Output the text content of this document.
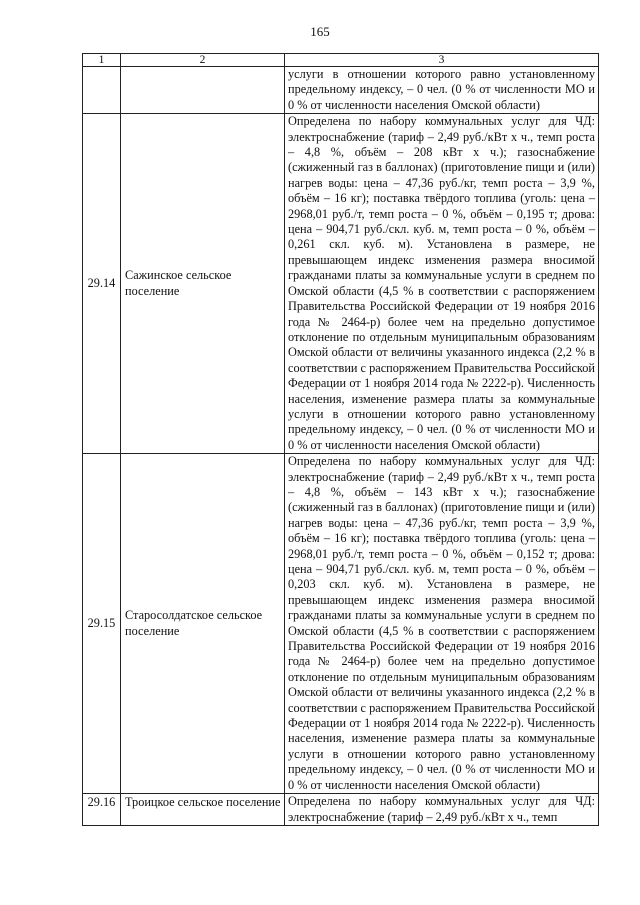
165
1	2	3
		услуги в отношении которого равно установленному предельному индексу, – 0 чел. (0 % от численности МО и 0 % от численности населения Омской области)
29.14	Сажинское сельское поселение	Определена по набору коммунальных услуг для ЧД: электроснабжение (тариф – 2,49 руб./кВт х ч., темп роста – 4,8 %, объём – 208 кВт х ч.); газоснабжение (сжиженный газ в баллонах) (приготовление пищи и (или) нагрев воды: цена – 47,36 руб./кг, темп роста – 3,9 %, объём – 16 кг); поставка твёрдого топлива (уголь: цена – 2968,01 руб./т, темп роста – 0 %, объём – 0,195 т; дрова: цена – 904,71 руб./скл. куб. м, темп роста – 0 %, объём – 0,261 скл. куб. м). Установлена в размере, не превышающем индекс изменения размера вносимой гражданами платы за коммунальные услуги в среднем по Омской области (4,5 % в соответствии с распоряжением Правительства Российской Федерации от 19 ноября 2016 года № 2464-р) более чем на предельно допустимое отклонение по отдельным муниципальным образованиям Омской области от величины указанного индекса (2,2 % в соответствии с распоряжением Правительства Российской Федерации от 1 ноября 2014 года № 2222-р). Численность населения, изменение размера платы за коммунальные услуги в отношении которого равно установленному предельному индексу, – 0 чел. (0 % от численности МО и 0 % от численности населения Омской области)
29.15	Старосолдатское сельское поселение	Определена по набору коммунальных услуг для ЧД: электроснабжение (тариф – 2,49 руб./кВт х ч., темп роста – 4,8 %, объём – 143 кВт х ч.); газоснабжение (сжиженный газ в баллонах) (приготовление пищи и (или) нагрев воды: цена – 47,36 руб./кг, темп роста – 3,9 %, объём – 16 кг); поставка твёрдого топлива (уголь: цена – 2968,01 руб./т, темп роста – 0 %, объём – 0,152 т; дрова: цена – 904,71 руб./скл. куб. м, темп роста – 0 %, объём – 0,203 скл. куб. м). Установлена в размере, не превышающем индекс изменения размера вносимой гражданами платы за коммунальные услуги в среднем по Омской области (4,5 % в соответствии с распоряжением Правительства Российской Федерации от 19 ноября 2016 года № 2464-р) более чем на предельно допустимое отклонение по отдельным муниципальным образованиям Омской области от величины указанного индекса (2,2 % в соответствии с распоряжением Правительства Российской Федерации от 1 ноября 2014 года № 2222-р). Численность населения, изменение размера платы за коммунальные услуги в отношении которого равно установленному предельному индексу, – 0 чел. (0 % от численности МО и 0 % от численности населения Омской области)
29.16	Троицкое сельское поселение	Определена по набору коммунальных услуг для ЧД: электроснабжение (тариф – 2,49 руб./кВт х ч., темп
